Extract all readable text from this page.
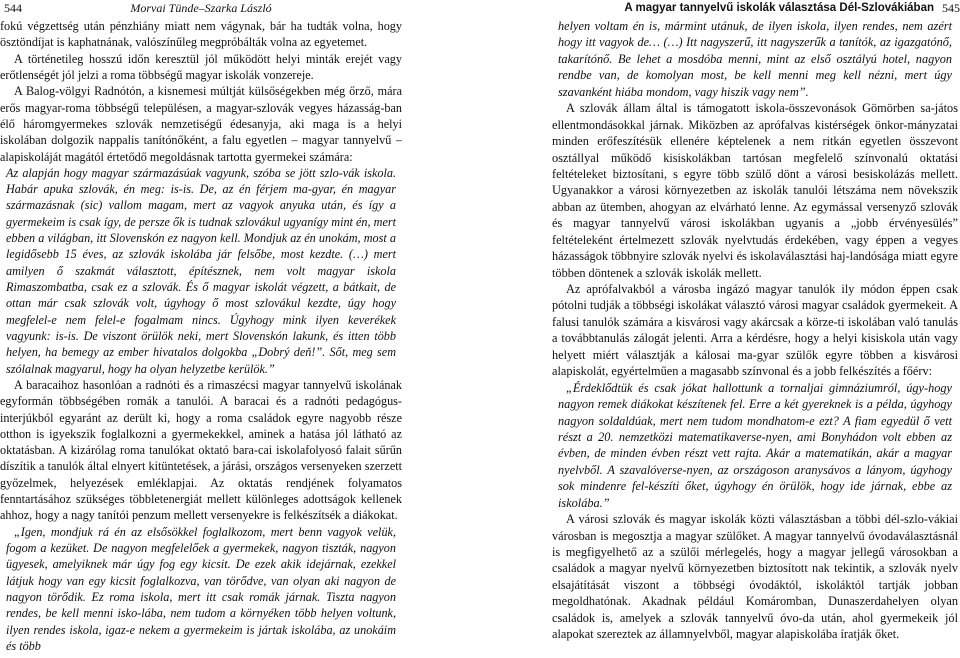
544	Morvai Tünde–Szarka László	A magyar tannyelvű iskolák választása Dél-Szlovákiában 545

fokú végzettség után pénzhiány miatt nem vágynak, bár ha tudták volna, hogy ösztöndíjat is kaphatnának, valószínűleg megpróbálták volna az egyetemet.

A történetileg hosszú időn keresztül jól működött helyi minták erejét vagy erőtlenségét jól jelzi a roma többségű magyar iskolák vonzereje.

A Balog-völgyi Radnótón, a kisnemesi múltját külsőségekben még őrző, mára erős magyar-roma többségű településen, a magyar-szlovák vegyes házasság-ban élő háromgyermekes szlovák nemzetiségű édesanyja, aki maga is a helyi iskolában dolgozik nappalis tanítónőként, a falu egyetlen – magyar tannyelvű – alapiskoláját magától értetődő megoldásnak tartotta gyermekei számára:

Az alapján hogy magyar származásúak vagyunk, szóba se jött szlo-vák iskola. Habár apuka szlovák, én meg: is-is. De, az én férjem ma-gyar, én magyar származásnak (sic) vallom magam, mert az vagyok anyuka után, és így a gyermekeim is csak így, de persze ők is tudnak szlovákul ugyanígy mint én, mert ebben a világban, itt Slovenskón ez nagyon kell. Mondjuk az én unokám, most a legidősebb 15 éves, az szlovák iskolába jár felsőbe, most kezdte. (…) mert amilyen ő szakmát választott, építésznek, nem volt magyar iskola Rimaszombatba, csak ez a szlovák. És ő magyar iskolát végzett, a bátkait, de ottan már csak szlovák volt, úgyhogy ő most szlovákul kezdte, úgy hogy megfelel-e nem felel-e fogalmam nincs. Úgyhogy mink ilyen keverékek vagyunk: is-is. De viszont örülök neki, mert Slovenskón lakunk, és itten több helyen, ha bemegy az ember hivatalos dolgokba „Dobrý deň!”. Sőt, meg sem szólalnak magyarul, hogy ha olyan helyzetbe kerülök.”

A baracaihoz hasonlóan a radnóti és a rimaszécsi magyar tannyelvű iskolának egyformán többségében romák a tanulói. A baracai és a radnóti pedagógus-interjúkból egyaránt az derült ki, hogy a roma családok egyre nagyobb része otthon is igyekszik foglalkozni a gyermekekkel, aminek a hatása jól látható az oktatásban. A kizárólag roma tanulókat oktató bara-cai iskolafolyosó falait sűrűn díszítik a tanulók által elnyert kitüntetések, a járási, országos versenyeken szerzett győzelmek, helyezések emléklapjai. Az oktatás rendjének folyamatos fenntartásához szükséges többletenergiát mellett különleges adottságok kellenek ahhoz, hogy a nagy tanítói penzum mellett versenyekre is felkészítsék a diákokat.

„Igen, mondjuk rá én az elsősökkel foglalkozom, mert benn vagyok velük, fogom a kezüket. De nagyon megfelelőek a gyermekek, nagyon tiszták, nagyon ügyesek, amelyiknek már úgy fog egy kicsit. De ezek akik idejárnak, ezekkel látjuk hogy van egy kicsit foglalkozva, van törődve, van olyan aki nagyon de nagyon törődik. Ez roma iskola, mert itt csak romák járnak. Tiszta nagyon rendes, be kell menni isko-lába, nem tudom a környéken több helyen voltunk, ilyen rendes iskola, igaz-e nekem a gyermekeim is jártak iskolába, az unokáim és több

helyen voltam én is, mármint utánuk, de ilyen iskola, ilyen rendes, nem azért hogy itt vagyok de… (…) Itt nagyszerű, itt nagyszerűk a tanítók, az igazgatónő, takarítónő. Be lehet a mosdóba menni, mint az első osztályú hotel, nagyon rendbe van, de komolyan most, be kell menni meg kell nézni, mert úgy szavanként hiába mondom, vagy hiszik vagy nem”.

A szlovák állam által is támogatott iskola-összevonások Gömörben sa-játos ellentmondásokkal járnak. Miközben az aprófalvas kistérségek önkor-mányzatai minden erőfeszítésük ellenére képtelenek a nem ritkán egyetlen összevont osztállyal működő kisiskolákban tartósan megfelelő színvonalú oktatási feltételeket biztosítani, s egyre több szülő dönt a városi besiskolázás mellett. Ugyanakkor a városi környezetben az iskolák tanulói létszáma nem növekszik abban az ütemben, ahogyan az elvárható lenne. Az egymással versenyző szlovák és magyar tannyelvű városi iskolákban ugyanis a „jobb érvényesülés” feltételeként értelmezett szlovák nyelvtudás érdekében, vagy éppen a vegyes házasságok többnyire szlovák nyelvi és iskolaválasztási haj-landósága miatt egyre többen döntenek a szlovák iskolák mellett.

Az aprófalvakból a városba ingázó magyar tanulók ily módon éppen csak pótolni tudják a többségi iskolákat választó városi magyar családok gyermekeit. A falusi tanulók számára a kisvárosi vagy akárcsak a körze-ti iskolában való tanulás a továbbtanulás zálogát jelenti. Arra a kérdésre, hogy a helyi kisiskola után vagy helyett miért választják a kálosai ma-gyar szülők egyre többen a kisvárosi alapiskolát, egyértelműen a magasabb színvonal és a jobb felkészítés a főérv:

„Érdeklődtük és csak jókat hallottunk a tornaljai gimnáziumról, úgy-hogy nagyon remek diákokat készítenek fel. Erre a két gyereknek is a példa, úgyhogy nagyon soldaldúak, mert nem tudom mondhatom-e ezt? A fiam egyedül ő vett részt a 20. nemzetközi matematikaverse-nyen, ami Bonyhádon volt ebben az évben, de minden évben részt vett rajta. Akár a matematikán, akár a magyar nyelvből. A szavalóverse-nyen, az országoson aranysávos a lányom, úgyhogy sok mindenre fel-készíti őket, úgyhogy én örülök, hogy ide járnak, ebbe az iskolába.”

A városi szlovák és magyar iskolák közti választásban a többi dél-szlo-vákiai városban is megosztja a magyar szülőket. A magyar tannyelvű óvodaválasztásnál is megfigyelhető az a szülői mérlegelés, hogy a magyar jellegű városokban a családok a magyar nyelvű környezetben biztosított nak tekintik, a szlovák nyelv elsajátítását viszont a többségi óvodáktól, iskoláktól tartják jobban megoldhatónak. Akadnak például Komáromban, Dunaszerdahelyen olyan családok is, amelyek a szlovák tannyelvű óvo-da után, ahol gyermekeik jól alapokat szereztek az államnyelvből, magyar alapiskolába íratják őket.
